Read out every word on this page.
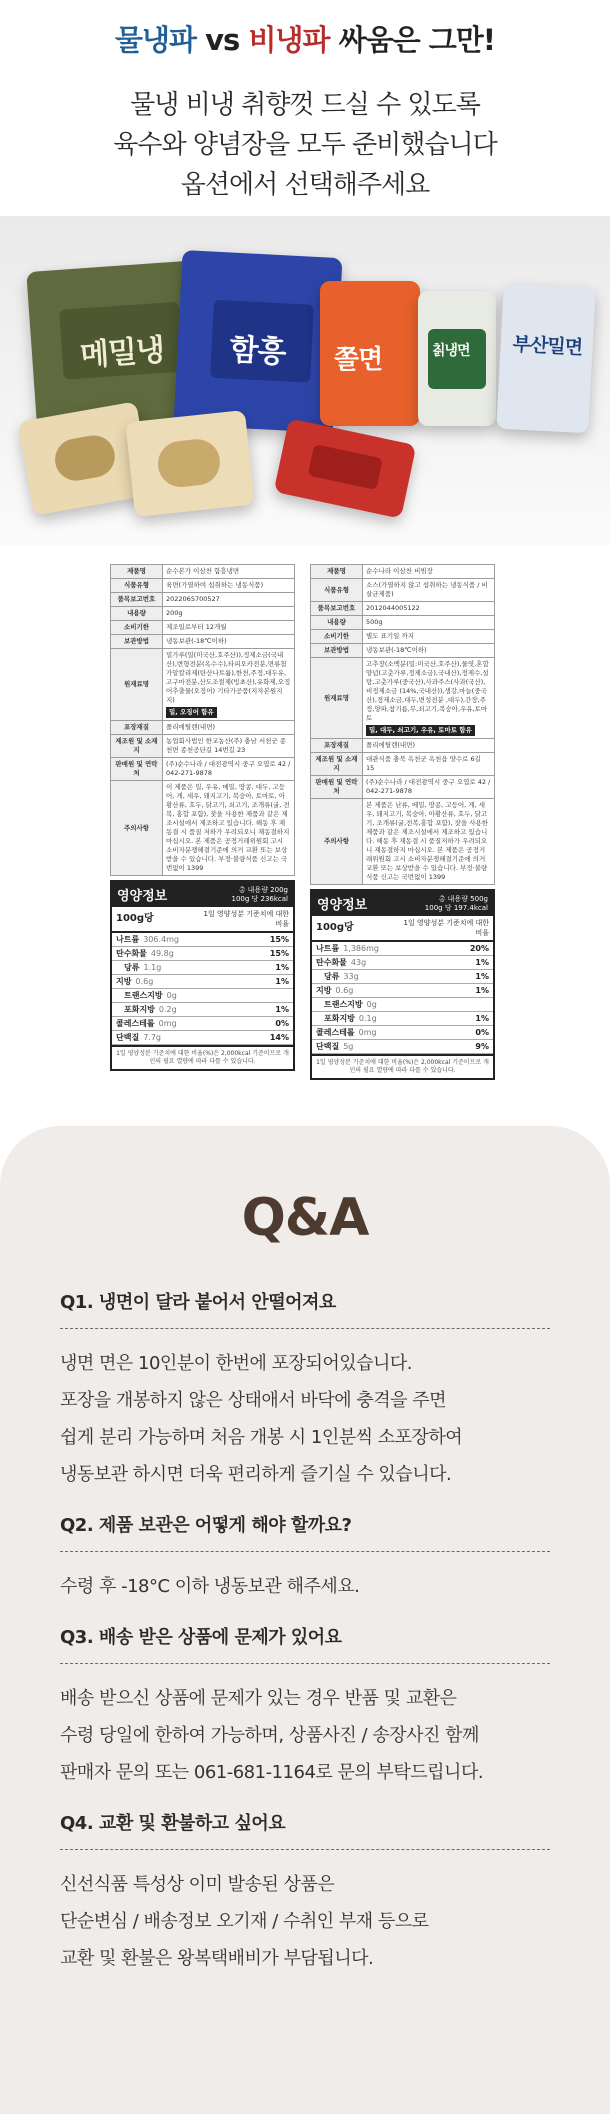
물냉파 vs 비냉파 싸움은 그만!
물냉 비냉 취향껏 드실 수 있도록
육수와 양념장을 모두 준비했습니다
옵션에서 선택해주세요
메밀냉 함흥 쫄면	칡냉면	부산밀면
제품명	순수본가 이삼찬 함흥냉면
식품유형	육면(가열하여 섭취하는 냉동식품)
품목보고번호	2022065700527
내용량	200g
소비기한	제조일로부터 12개월
보관방법	냉동보관(-18℃이하)
원재료명	밀가루(밀(미국산,호주산)),정제소금(국내산),변형전분(옥수수),타피오카전분,면류첨가알칼리제(탄산나트륨),한천,주정,대두유,고구마전분,산도조절제(빙초산),유화제,오징어추출물(오징어) 기타가공품(지자본원지지)
밀, 오징어 함유
포장재질	폴리에틸렌(내면)
제조원 및 소재지	농업회사법인 한교농산(주) 충남 서천군 종천면 종천공단길 14번길 23
판매원 및 연락처	(주)순수나라 / 대전광역시 중구 오엽로 42 / 042-271-9878
주의사항	이 제품은 밀, 우유, 메밀, 땅콩, 대두, 고등어, 게, 새우, 돼지고기, 복숭아, 토마토, 아황산류, 호두, 닭고기, 쇠고기, 조개류(굴, 전복, 홍합 포함), 잣을 사용한 제품과 같은 제조시설에서 제조하고 있습니다. 해동 후 재동결 시 품질 저하가 우려되오니 재동결하지 마십시오. 본 제품은 공정거래위원회 고시 소비자분쟁해결기준에 의거 교환 또는 보상받을 수 있습니다. 부정·불량식품 신고는 국번없이 1399
영양정보	총 내용량 200g
100g 당 236kcal
100g당	1일 영양성분 기준치에 대한 비율
나트륨 306.4mg	15%
탄수화물 49.8g	15%
당류 1.1g	1%
지방 0.6g	1%
트랜스지방 0g
포화지방 0.2g	1%
콜레스테롤 0mg	0%
단백질 7.7g	14%
1일 영양성분 기준치에 대한 비율(%)은 2,000kcal 기준이므로 개인의 필요 열량에 따라 다를 수 있습니다.
제품명	순수나라 이삼찬 비빔장
식품유형	소스(가열하지 않고 섭취하는 냉동식품 / 비살균제품)
품목보고번호	2012044005122
내용량	500g
소비기한	별도 표기일 까지
보관방법	냉동보관(-18℃이하)
원재료명	고추장(소맥분(밀:미국산,호주산),물엿,혼합양념(고춧가루,정제소금),국내산),정제수,설탕,고춧가루(중국산),사과주스(사과(국산),비정제소금 (14%,국내산)),생강,마늘(중국산),정제소금,대두,변성전분 ,대두),간장,주정,양파,참기름,무,쇠고기,복숭아,우유,토마토
밀, 대두, 쇠고기, 우유, 토마토 함유
포장재질	폴리에틸렌(내면)
제조원 및 소재지	대관식품 충북 옥천군 옥천읍 양수로 6길 15
판매원 및 연락처	(주)순수나라 / 대전광역시 중구 오엽로 42 / 042-271-9878
주의사항	본 제품은 난류, 메밀, 땅콩, 고등어, 게, 새우, 돼지고기, 복숭아, 아황산류, 호두, 닭고기, 조개류(굴,전복,홍합 포함), 잣을 사용한 제품과 같은 제조시설에서 제조하고 있습니다. 해동 후 재동결 시 품질저하가 우려되오니 재동결하지 마십시오. 본 제품은 공정거래위원회 고시 소비자분쟁해결기준에 의거 교환 또는 보상받을 수 있습니다. 부정·불량식품 신고는 국번없이 1399
영양정보	총 내용량 500g
100g 당 197.4kcal
100g당	1일 영양성분 기준치에 대한 비율
나트륨 1,386mg	20%
탄수화물 43g	1%
당류 33g	1%
지방 0.6g	1%
트랜스지방 0g
포화지방 0.1g	1%
콜레스테롤 0mg	0%
단백질 5g	9%
1일 영양성분 기준치에 대한 비율(%)은 2,000kcal 기준이므로 개인의 필요 열량에 따라 다를 수 있습니다.
Q&A
Q1. 냉면이 달라 붙어서 안떨어져요
냉면 면은 10인분이 한번에 포장되어있습니다.
포장을 개봉하지 않은 상태애서 바닥에 충격을 주면
쉽게 분리 가능하며 처음 개봉 시 1인분씩 소포장하여
냉동보관 하시면 더욱 편리하게 즐기실 수 있습니다.
Q2. 제품 보관은 어떻게 해야 할까요?
수령 후 -18°C 이하 냉동보관 해주세요.
Q3. 배송 받은 상품에 문제가 있어요
배송 받으신 상품에 문제가 있는 경우 반품 및 교환은
수령 당일에 한하여 가능하며, 상품사진 / 송장사진 함께
판매자 문의 또는 061-681-1164로 문의 부탁드립니다.
Q4. 교환 및 환불하고 싶어요
신선식품 특성상 이미 발송된 상품은
단순변심 / 배송정보 오기재 / 수취인 부재 등으로
교환 및 환불은 왕복택배비가 부담됩니다.
